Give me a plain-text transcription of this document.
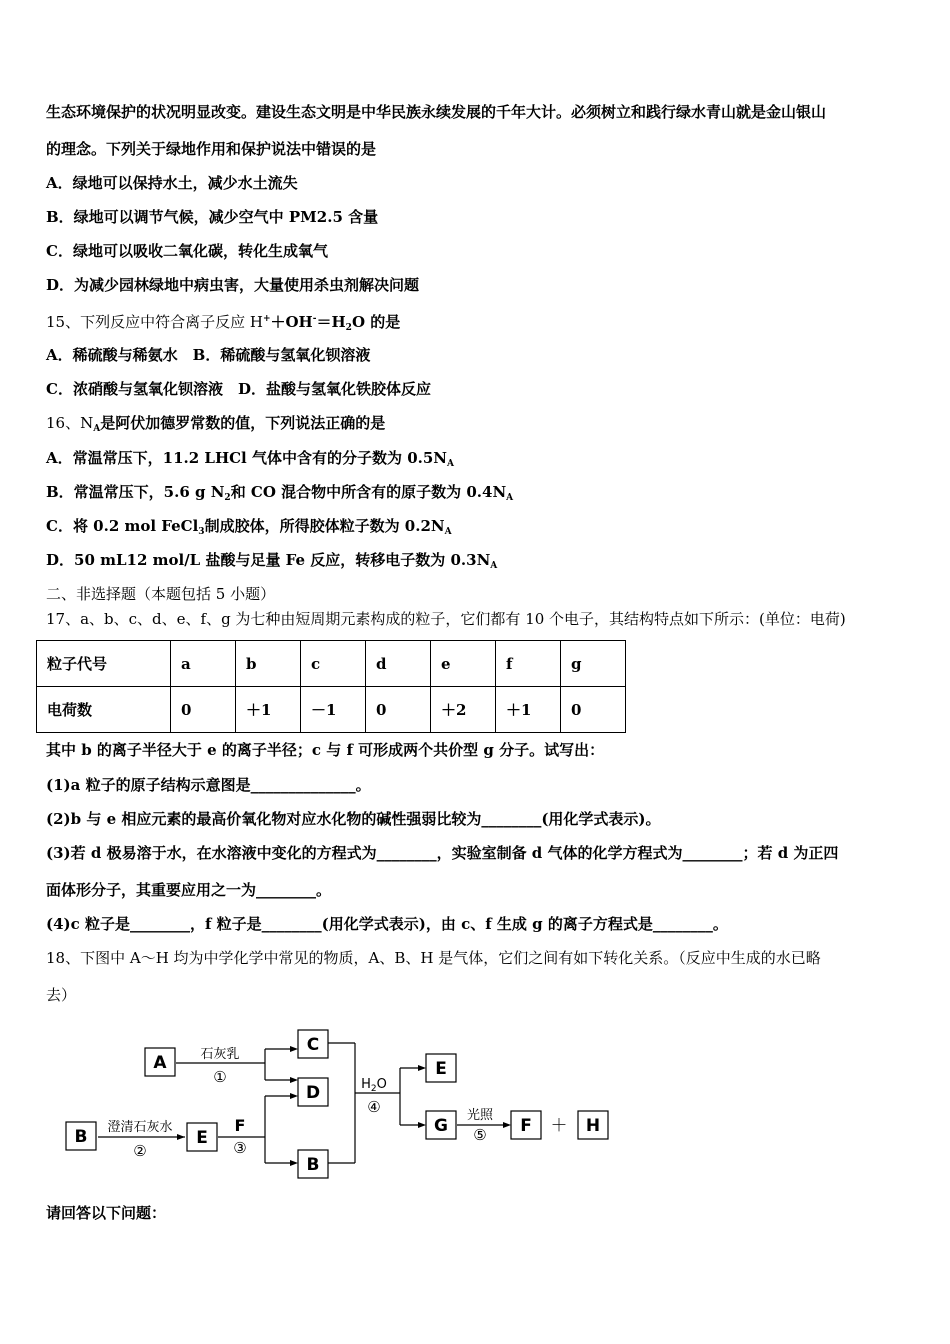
生态环境保护的状况明显改变。建设生态文明是中华民族永续发展的千年大计。必须树立和践行绿水青山就是金山银山
的理念。下列关于绿地作用和保护说法中错误的是
A．绿地可以保持水土，减少水土流失
B．绿地可以调节气候，减少空气中 PM2.5 含量
C．绿地可以吸收二氧化碳，转化生成氧气
D．为减少园林绿地中病虫害，大量使用杀虫剂解决问题
15、下列反应中符合离子反应 $H^++OH^-=H_2O$ 的是
A．稀硫酸与稀氨水　B．稀硫酸与氢氧化钡溶液
C．浓硝酸与氢氧化钡溶液　D．盐酸与氢氧化铁胶体反应
16、$N_A$是阿伏加德罗常数的值，下列说法正确的是
A．常温常压下，11.2 LHCl 气体中含有的分子数为 $0.5N_A$
B．常温常压下，5.6 g $N_2$和 CO 混合物中所含有的原子数为 $0.4N_A$
C．将 0.2 mol FeCl$_3$制成胶体，所得胶体粒子数为 $0.2N_A$
D．50 mL12 mol/L 盐酸与足量 Fe 反应，转移电子数为 $0.3N_A$
二、非选择题（本题包括 5 小题）
17、a、b、c、d、e、f、g 为七种由短周期元素构成的粒子，它们都有 10 个电子，其结构特点如下所示：(单位：电荷)
粒子代号	a	b	c	d	e	f	g
电荷数	0	＋1	－1	0	＋2	＋1	0
其中 b 的离子半径大于 e 的离子半径；c 与 f 可形成两个共价型 g 分子。试写出：
(1)a 粒子的原子结构示意图是______________。
(2)b 与 e 相应元素的最高价氧化物对应水化物的碱性强弱比较为________(用化学式表示)。
(3)若 d 极易溶于水，在水溶液中变化的方程式为________，实验室制备 d 气体的化学方程式为________；若 d 为正四
面体形分子，其重要应用之一为________。
(4)c 粒子是________，f 粒子是________(用化学式表示)，由 c、f 生成 g 的离子方程式是________。
18、下图中 A～H 均为中学化学中常见的物质，A、B、H 是气体，它们之间有如下转化关系。（反应中生成的水已略
去）
A
B	E
C
D
B
E
G	F	H
F
石灰乳
①
澄清石灰水
②	③
$H_2O$
④	光照
⑤	＋
请回答以下问题：
